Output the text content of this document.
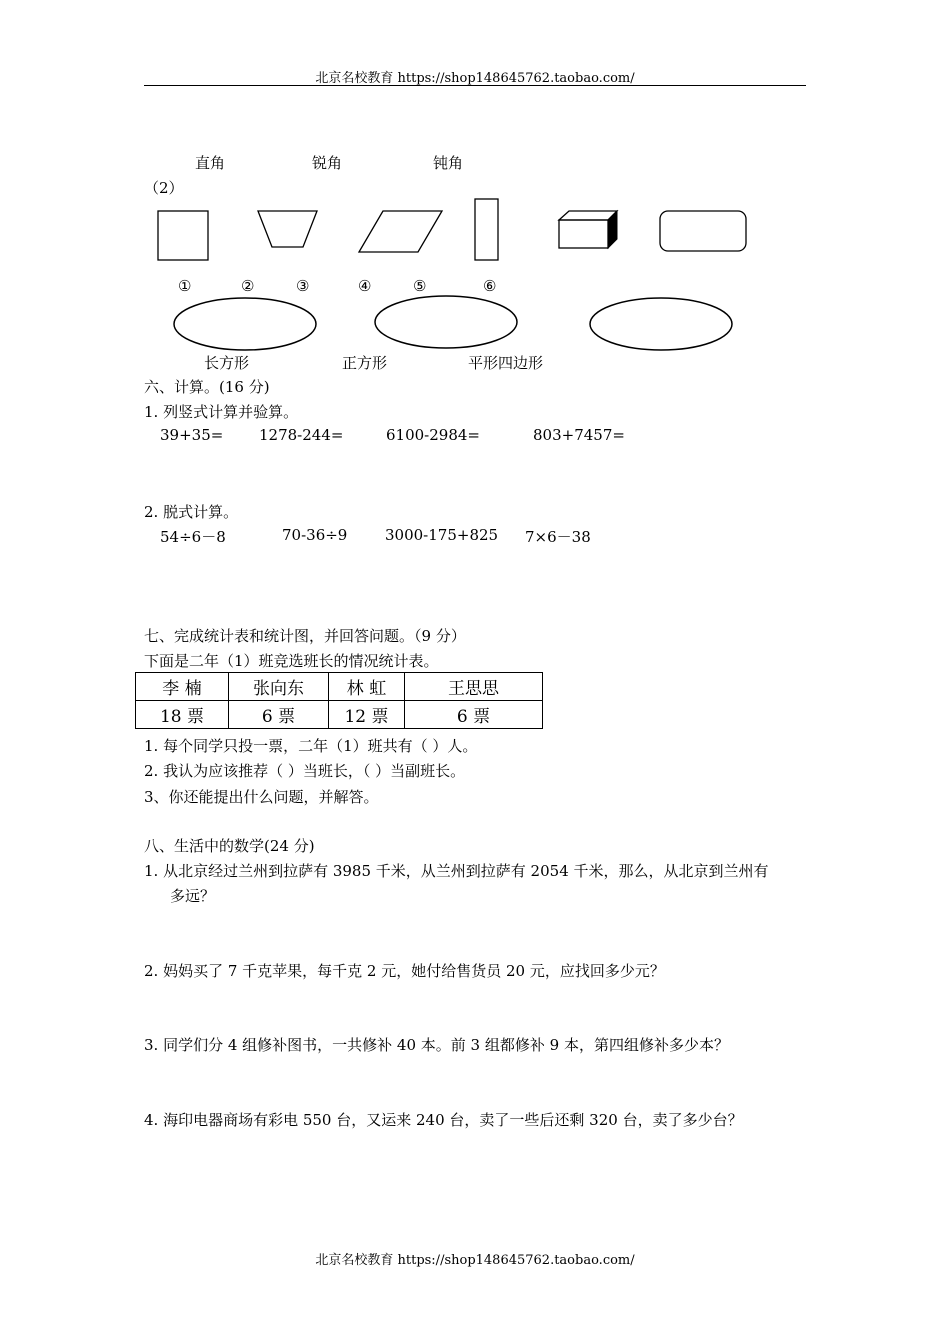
北京名校教育 https://shop148645762.taobao.com/
直角	锐角	钝角
（2）
①	②	③	④	⑤	⑥
长方形	正方形	平形四边形
六、计算。(16 分)
1. 列竖式计算并验算。
39+35= 1278-244=	6100-2984=	803+7457=
2. 脱式计算。
54÷6－8	70-36÷9	3000-175+825 7×6－38
七、完成统计表和统计图，并回答问题。（9 分）
下面是二年（1）班竞选班长的情况统计表。
李 楠	张向东	林 虹	王思思
18 票	6 票	12 票	6 票
1. 每个同学只投一票，二年（1）班共有（ ）人。
2. 我认为应该推荐（ ）当班长，（ ）当副班长。
3、你还能提出什么问题，并解答。
八、生活中的数学(24 分)
1. 从北京经过兰州到拉萨有 3985 千米，从兰州到拉萨有 2054 千米，那么，从北京到兰州有
多远？
2. 妈妈买了 7 千克苹果，每千克 2 元，她付给售货员 20 元，应找回多少元？
3. 同学们分 4 组修补图书，一共修补 40 本。前 3 组都修补 9 本，第四组修补多少本？
4. 海印电器商场有彩电 550 台，又运来 240 台，卖了一些后还剩 320 台，卖了多少台？
北京名校教育 https://shop148645762.taobao.com/
